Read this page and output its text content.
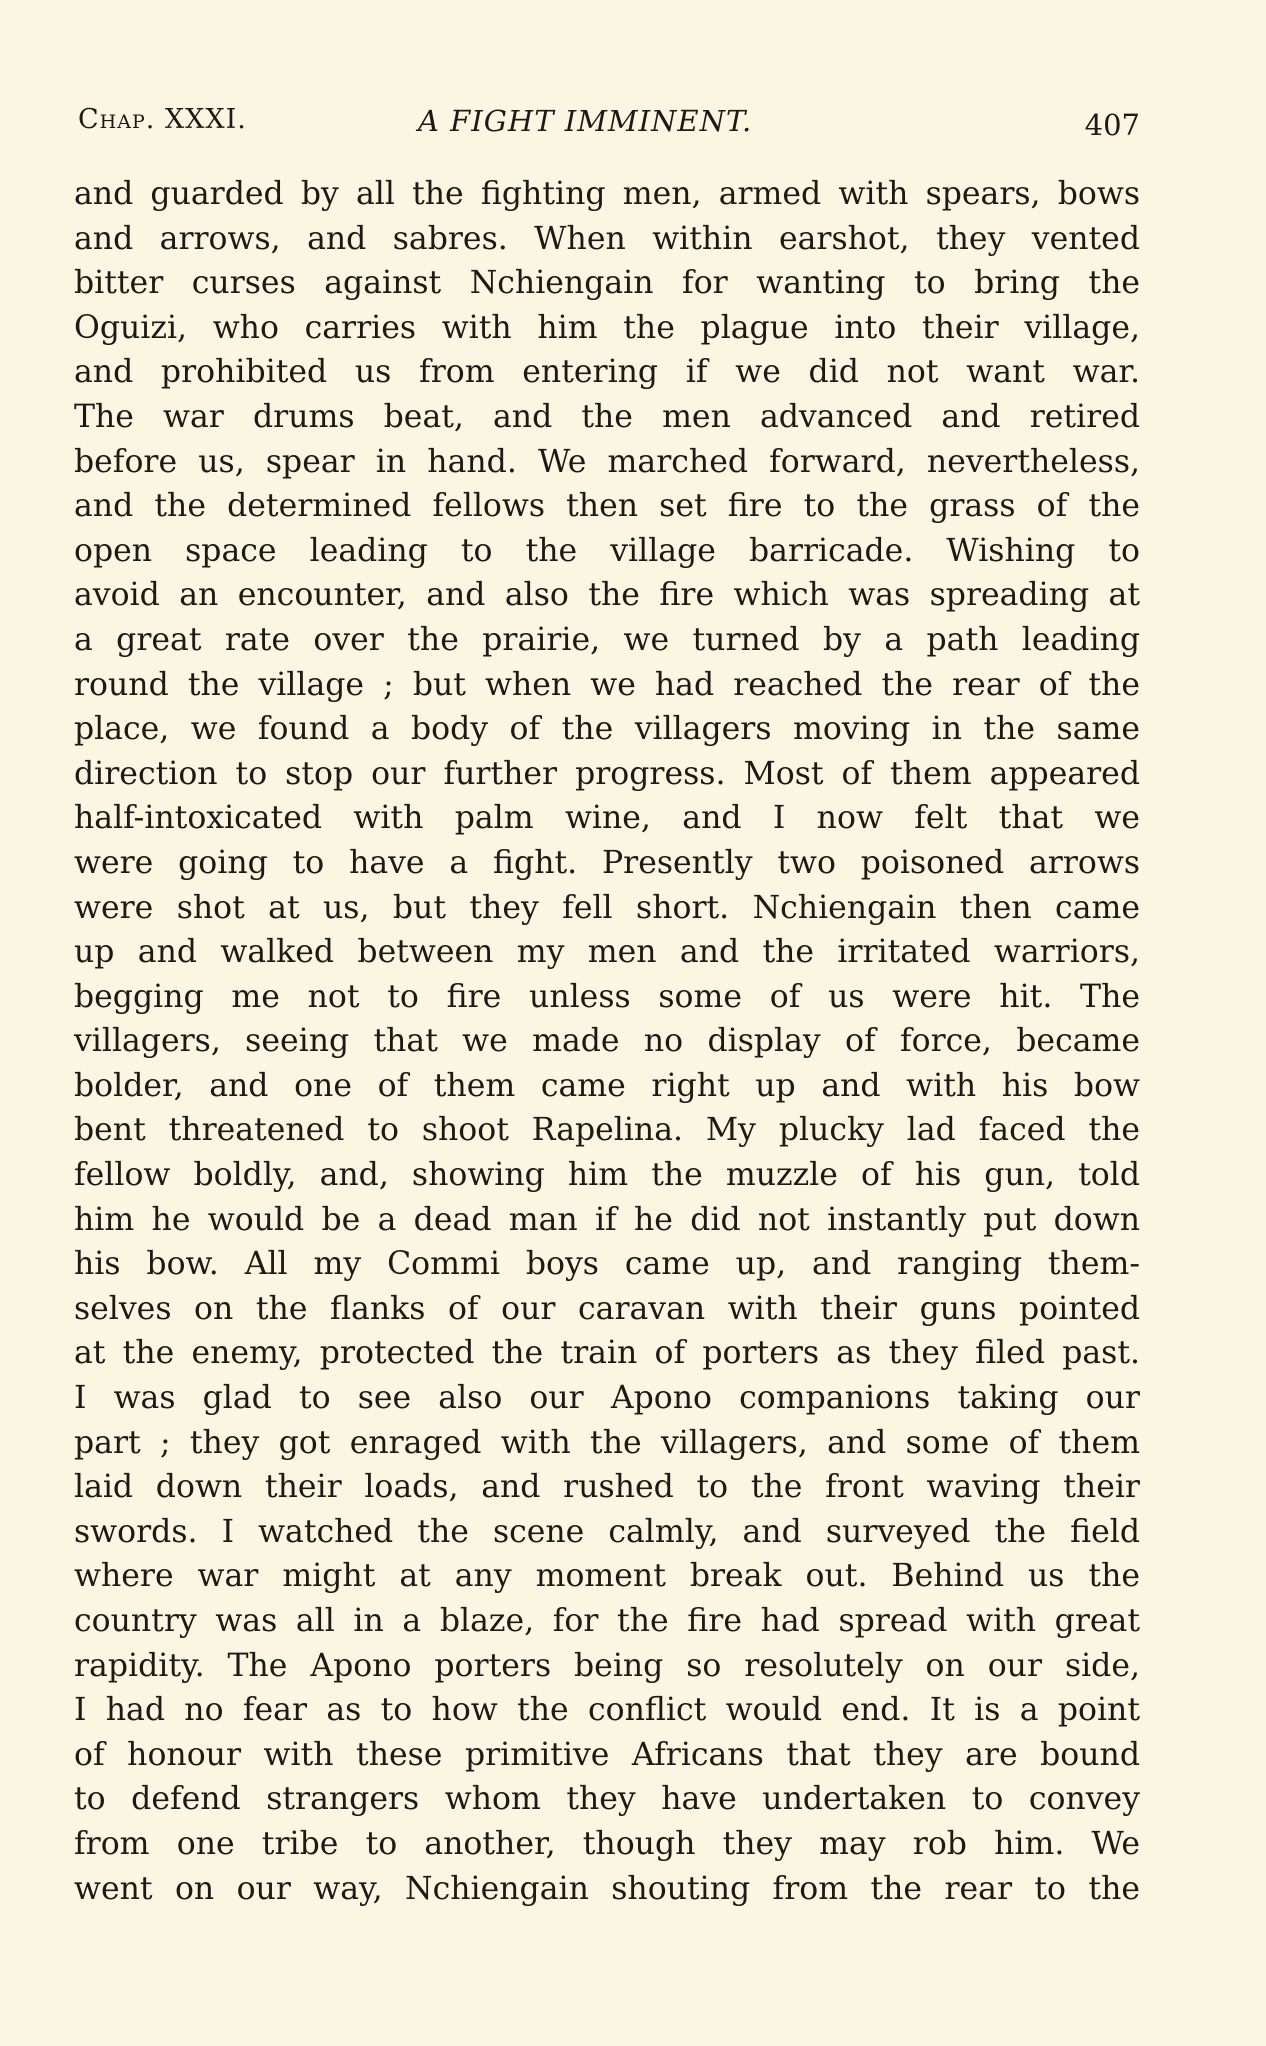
Chap. XXXI.	A FIGHT IMMINENT.	407
and guarded by all the fighting men, armed with spears, bows
and arrows, and sabres. When within earshot, they vented
bitter curses against Nchiengain for wanting to bring the
Oguizi, who carries with him the plague into their village,
and prohibited us from entering if we did not want war.
The war drums beat, and the men advanced and retired
before us, spear in hand. We marched forward, nevertheless,
and the determined fellows then set fire to the grass of the
open space leading to the village barricade. Wishing to
avoid an encounter, and also the fire which was spreading at
a great rate over the prairie, we turned by a path leading
round the village ; but when we had reached the rear of the
place, we found a body of the villagers moving in the same
direction to stop our further progress. Most of them appeared
half-intoxicated with palm wine, and I now felt that we
were going to have a fight. Presently two poisoned arrows
were shot at us, but they fell short. Nchiengain then came
up and walked between my men and the irritated warriors,
begging me not to fire unless some of us were hit. The
villagers, seeing that we made no display of force, became
bolder, and one of them came right up and with his bow
bent threatened to shoot Rapelina. My plucky lad faced the
fellow boldly, and, showing him the muzzle of his gun, told
him he would be a dead man if he did not instantly put down
his bow. All my Commi boys came up, and ranging them-
selves on the flanks of our caravan with their guns pointed
at the enemy, protected the train of porters as they filed past.
I was glad to see also our Apono companions taking our
part ; they got enraged with the villagers, and some of them
laid down their loads, and rushed to the front waving their
swords. I watched the scene calmly, and surveyed the field
where war might at any moment break out. Behind us the
country was all in a blaze, for the fire had spread with great
rapidity. The Apono porters being so resolutely on our side,
I had no fear as to how the conflict would end. It is a point
of honour with these primitive Africans that they are bound
to defend strangers whom they have undertaken to convey
from one tribe to another, though they may rob him. We
went on our way, Nchiengain shouting from the rear to the
